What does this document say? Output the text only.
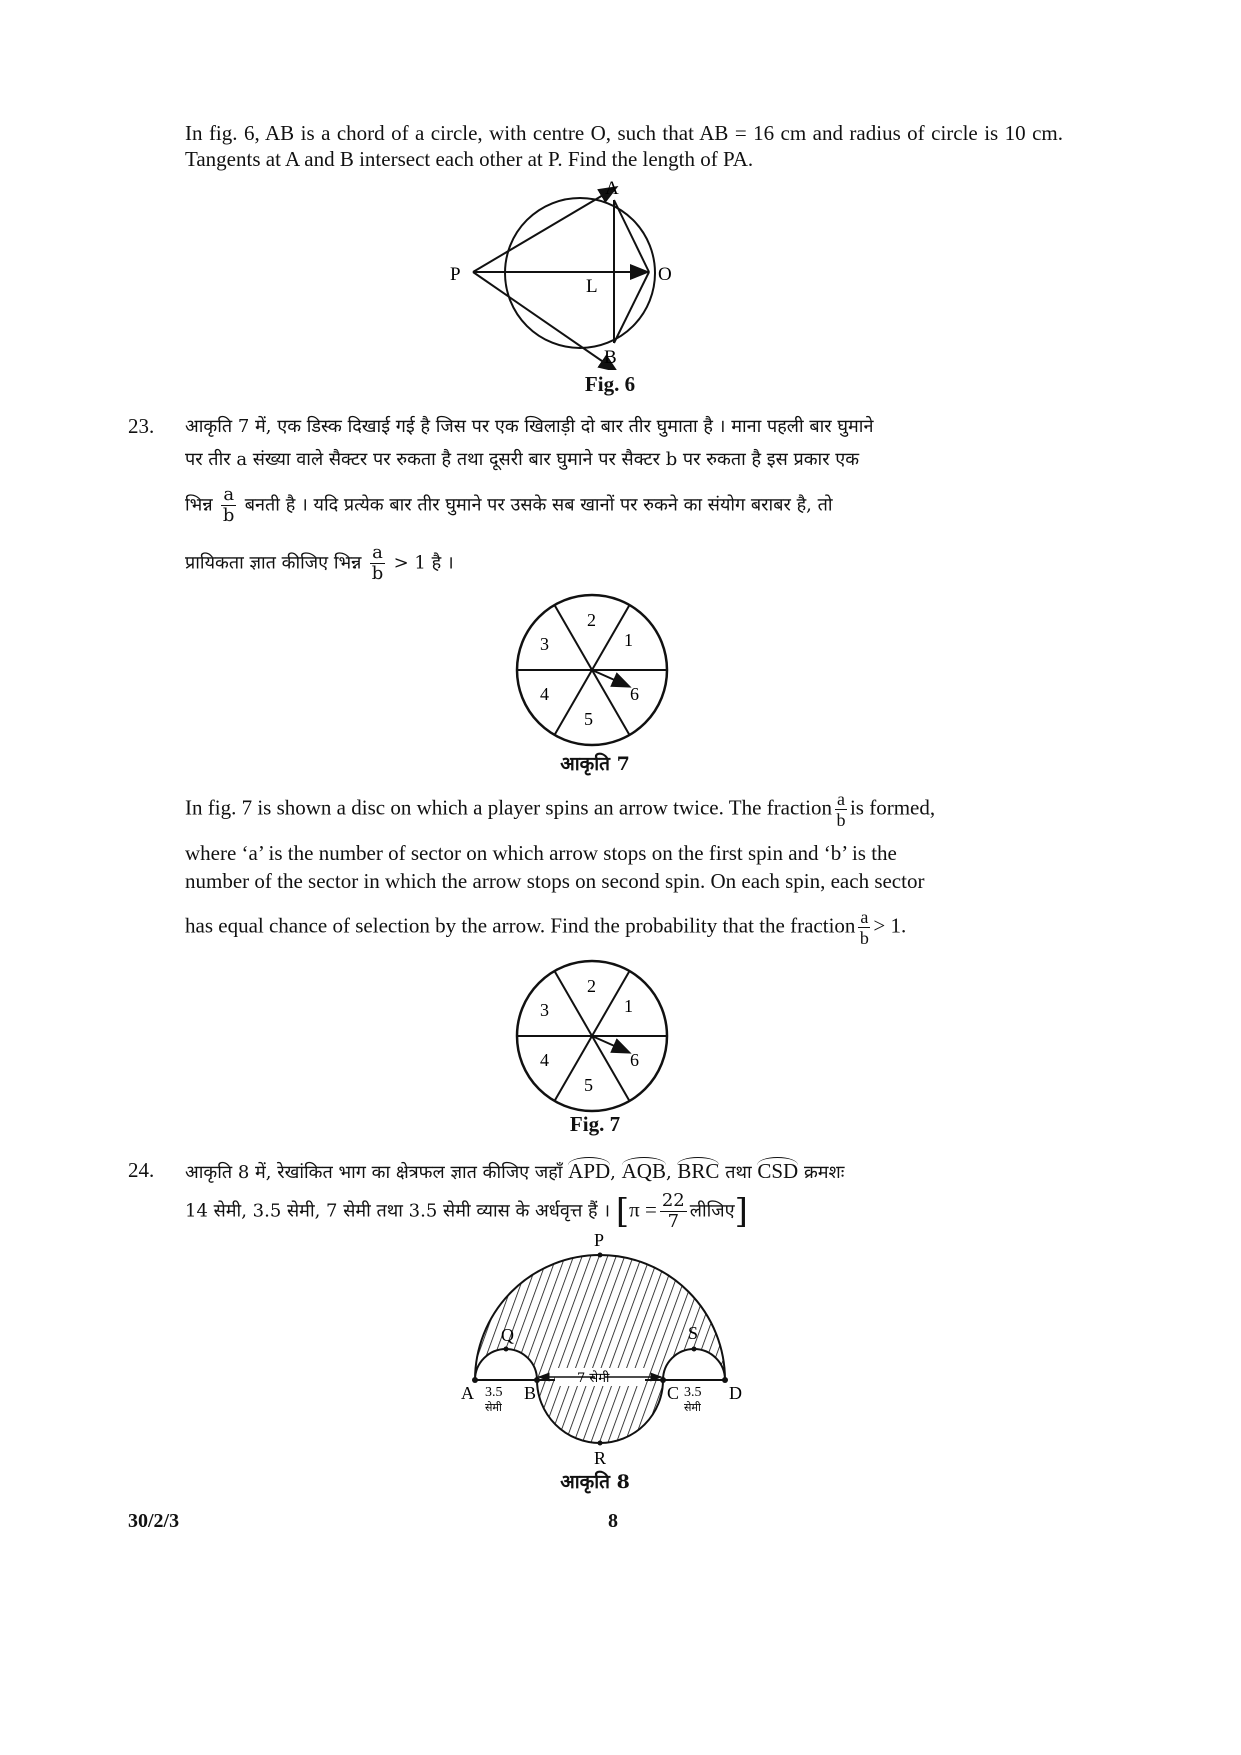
In fig. 6, AB is a chord of a circle, with centre O, such that AB = 16 cm and radius of circle is 10 cm. Tangents at A and B intersect each other at P. Find the length of PA.
A
B
O
P
L
Fig. 6
23. आकृति 7 में, एक डिस्क दिखाई गई है जिस पर एक खिलाड़ी दो बार तीर घुमाता है । माना पहली बार घुमाने
पर तीर a संख्या वाले सैक्टर पर रुकता है तथा दूसरी बार घुमाने पर सैक्टर b पर रुकता है इस प्रकार एक
भिन्न $\frac{a}{b}$ बनती है । यदि प्रत्येक बार तीर घुमाने पर उसके सब खानों पर रुकने का संयोग बराबर है, तो
प्रायिकता ज्ञात कीजिए भिन्न $\frac{a}{b} > 1$ है ।
1
2
3
4
5
6
आकृति 7
In fig. 7 is shown a disc on which a player spins an arrow twice. The fraction $\frac{a}{b}$ is formed,
where ‘a’ is the number of sector on which arrow stops on the first spin and ‘b’ is the
number of the sector in which the arrow stops on second spin. On each spin, each sector
has equal chance of selection by the arrow. Find the probability that the fraction $\frac{a}{b} > 1$.
1
2
3
4
5
6
Fig. 7
24. आकृति 8 में, रेखांकित भाग का क्षेत्रफल ज्ञात कीजिए जहाँ APD, AQB, BRC तथा CSD क्रमशः
14 सेमी, 3.5 सेमी, 7 सेमी तथा 3.5 सेमी व्यास के अर्धवृत्त हैं । [$\pi = \frac{22}{7}$ लीजिए]
7 सेमी
P
Q	S
R
A	B	C	D
3.5
सेमी
3.5
सेमी
आकृति 8
30/2/3	8
